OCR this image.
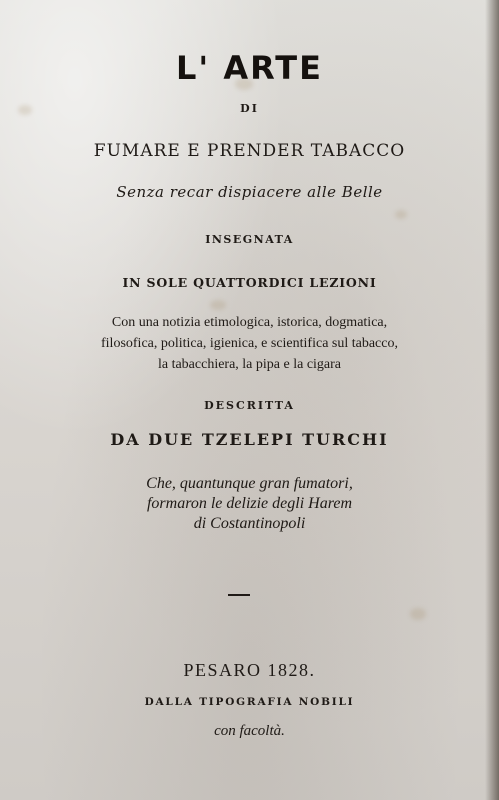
L' ARTE
DI
FUMARE E PRENDER TABACCO
Senza recar dispiacere alle Belle
INSEGNATA
IN SOLE QUATTORDICI LEZIONI
Con una notizia etimologica, istorica, dogmatica,
filosofica, politica, igienica, e scientifica sul tabacco,
la tabacchiera, la pipa e la cigara
DESCRITTA
DA DUE TZELEPI TURCHI
Che, quantunque gran fumatori,
formaron le delizie degli Harem
di Costantinopoli
PESARO 1828.
DALLA TIPOGRAFIA NOBILI
con facoltà.
